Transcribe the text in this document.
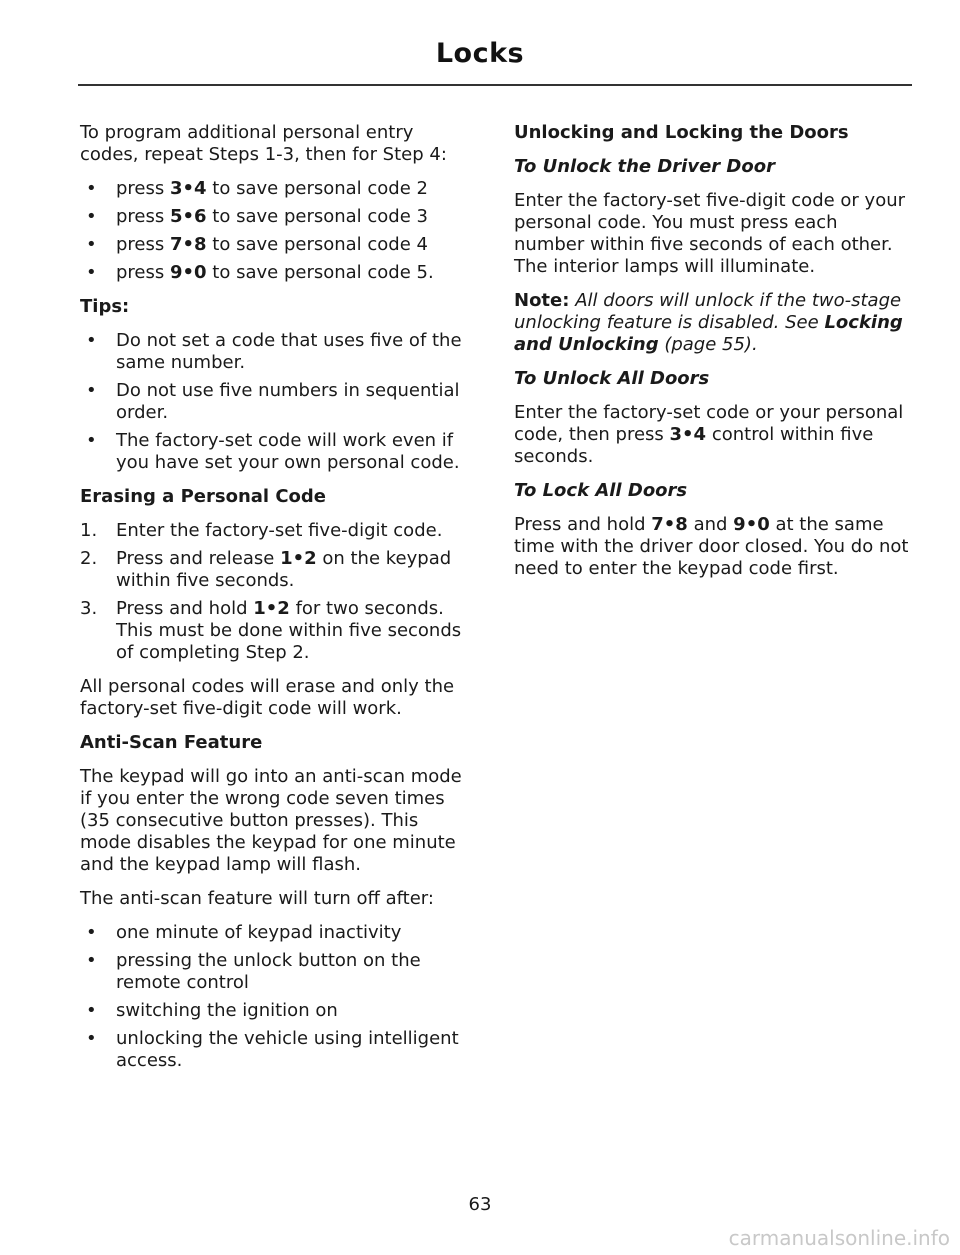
Locks

To program additional personal entry codes, repeat Steps 1-3, then for Step 4:

• press 3•4 to save personal code 2
• press 5•6 to save personal code 3
• press 7•8 to save personal code 4
• press 9•0 to save personal code 5.
Tips:
• Do not set a code that uses five of the same number.
• Do not use five numbers in sequential order.
• The factory-set code will work even if you have set your own personal code.
Erasing a Personal Code
1. Enter the factory-set five-digit code.
2. Press and release 1•2 on the keypad within five seconds.
3. Press and hold 1•2 for two seconds. This must be done within five seconds of completing Step 2.

All personal codes will erase and only the factory-set five-digit code will work.

Anti-Scan Feature

The keypad will go into an anti-scan mode if you enter the wrong code seven times (35 consecutive button presses). This mode disables the keypad for one minute and the keypad lamp will flash.

The anti-scan feature will turn off after:

• one minute of keypad inactivity
• pressing the unlock button on the remote control
• switching the ignition on
• unlocking the vehicle using intelligent access.
Unlocking and Locking the Doors
To Unlock the Driver Door

Enter the factory-set five-digit code or your personal code. You must press each number within five seconds of each other. The interior lamps will illuminate.

Note: All doors will unlock if the two-stage unlocking feature is disabled. See Locking and Unlocking (page 55).

To Unlock All Doors

Enter the factory-set code or your personal code, then press 3•4 control within five seconds.

To Lock All Doors

Press and hold 7•8 and 9•0 at the same time with the driver door closed. You do not need to enter the keypad code first.

63
carmanualsonline.info
